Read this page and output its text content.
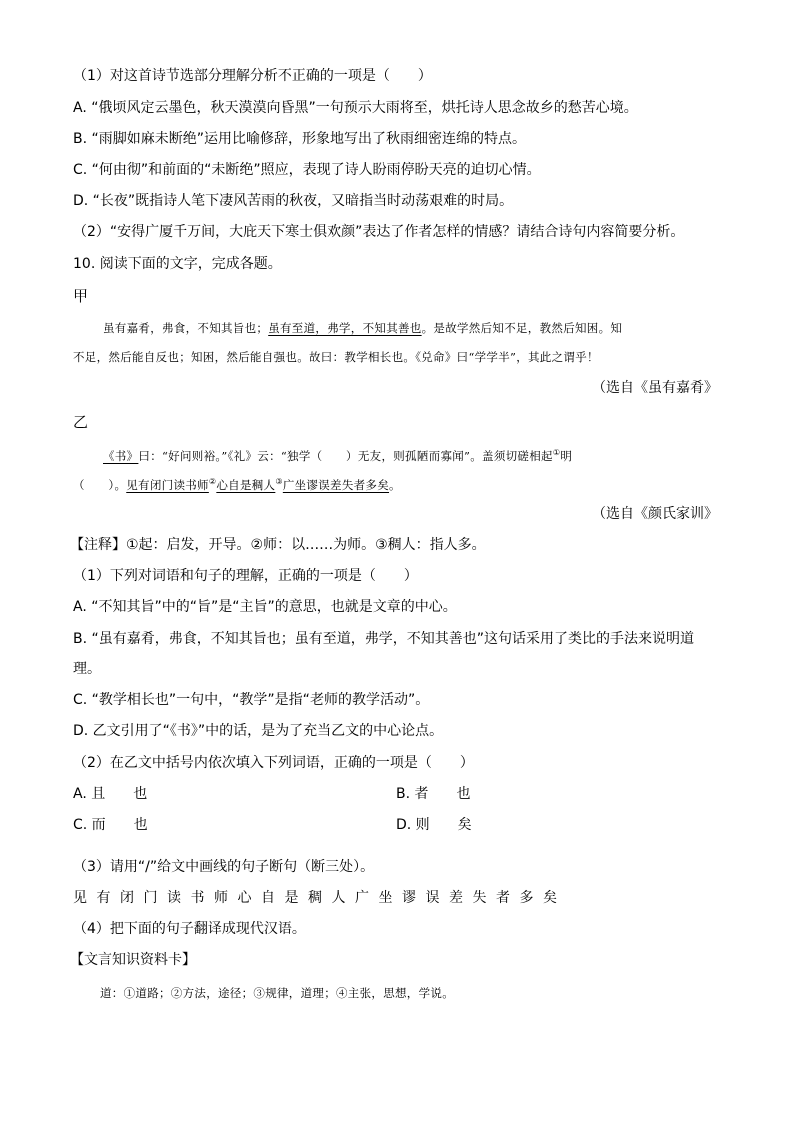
（1）对这首诗节选部分理解分析不正确的一项是（　　）
A. “俄顷风定云墨色，秋天漠漠向昏黑”一句预示大雨将至，烘托诗人思念故乡的愁苦心境。
B. “雨脚如麻未断绝”运用比喻修辞，形象地写出了秋雨细密连绵的特点。
C. “何由彻”和前面的“未断绝”照应，表现了诗人盼雨停盼天亮的迫切心情。
D. “长夜”既指诗人笔下凄风苦雨的秋夜，又暗指当时动荡艰难的时局。
（2）“安得广厦千万间，大庇天下寒士俱欢颜”表达了作者怎样的情感？请结合诗句内容简要分析。
10. 阅读下面的文字，完成各题。
甲
虽有嘉肴，弗食，不知其旨也；虽有至道，弗学，不知其善也。是故学然后知不足，教然后知困。知
不足，然后能自反也；知困，然后能自强也。故曰：教学相长也。《兑命》曰“学学半”，其此之谓乎！
（选自《虽有嘉肴》
乙
《书》曰：“好问则裕。”《礼》云：“独学（　　）无友，则孤陋而寡闻”。盖须切磋相起①明
（　　）。见有闭门读书师②心自是稠人③广坐谬误差失者多矣。
（选自《颜氏家训》
【注释】①起：启发，开导。②师：以……为师。③稠人：指人多。
（1）下列对词语和句子的理解，正确的一项是（　　）
A. “不知其旨”中的“旨”是“主旨”的意思，也就是文章的中心。
B. “虽有嘉肴，弗食，不知其旨也；虽有至道，弗学，不知其善也”这句话采用了类比的手法来说明道
理。
C. “教学相长也”一句中，“教学”是指“老师的教学活动”。
D. 乙文引用了“《书》”中的话，是为了充当乙文的中心论点。
（2）在乙文中括号内依次填入下列词语，正确的一项是（　　）
A. 且　　也	B. 者　　也
C. 而　　也	D. 则　　矣
（3）请用“/”给文中画线的句子断句（断三处）。
见有闭门读书师心自是稠人广坐谬误差失者多矣
（4）把下面的句子翻译成现代汉语。
【文言知识资料卡】
道：①道路；②方法，途径；③规律，道理；④主张，思想，学说。
